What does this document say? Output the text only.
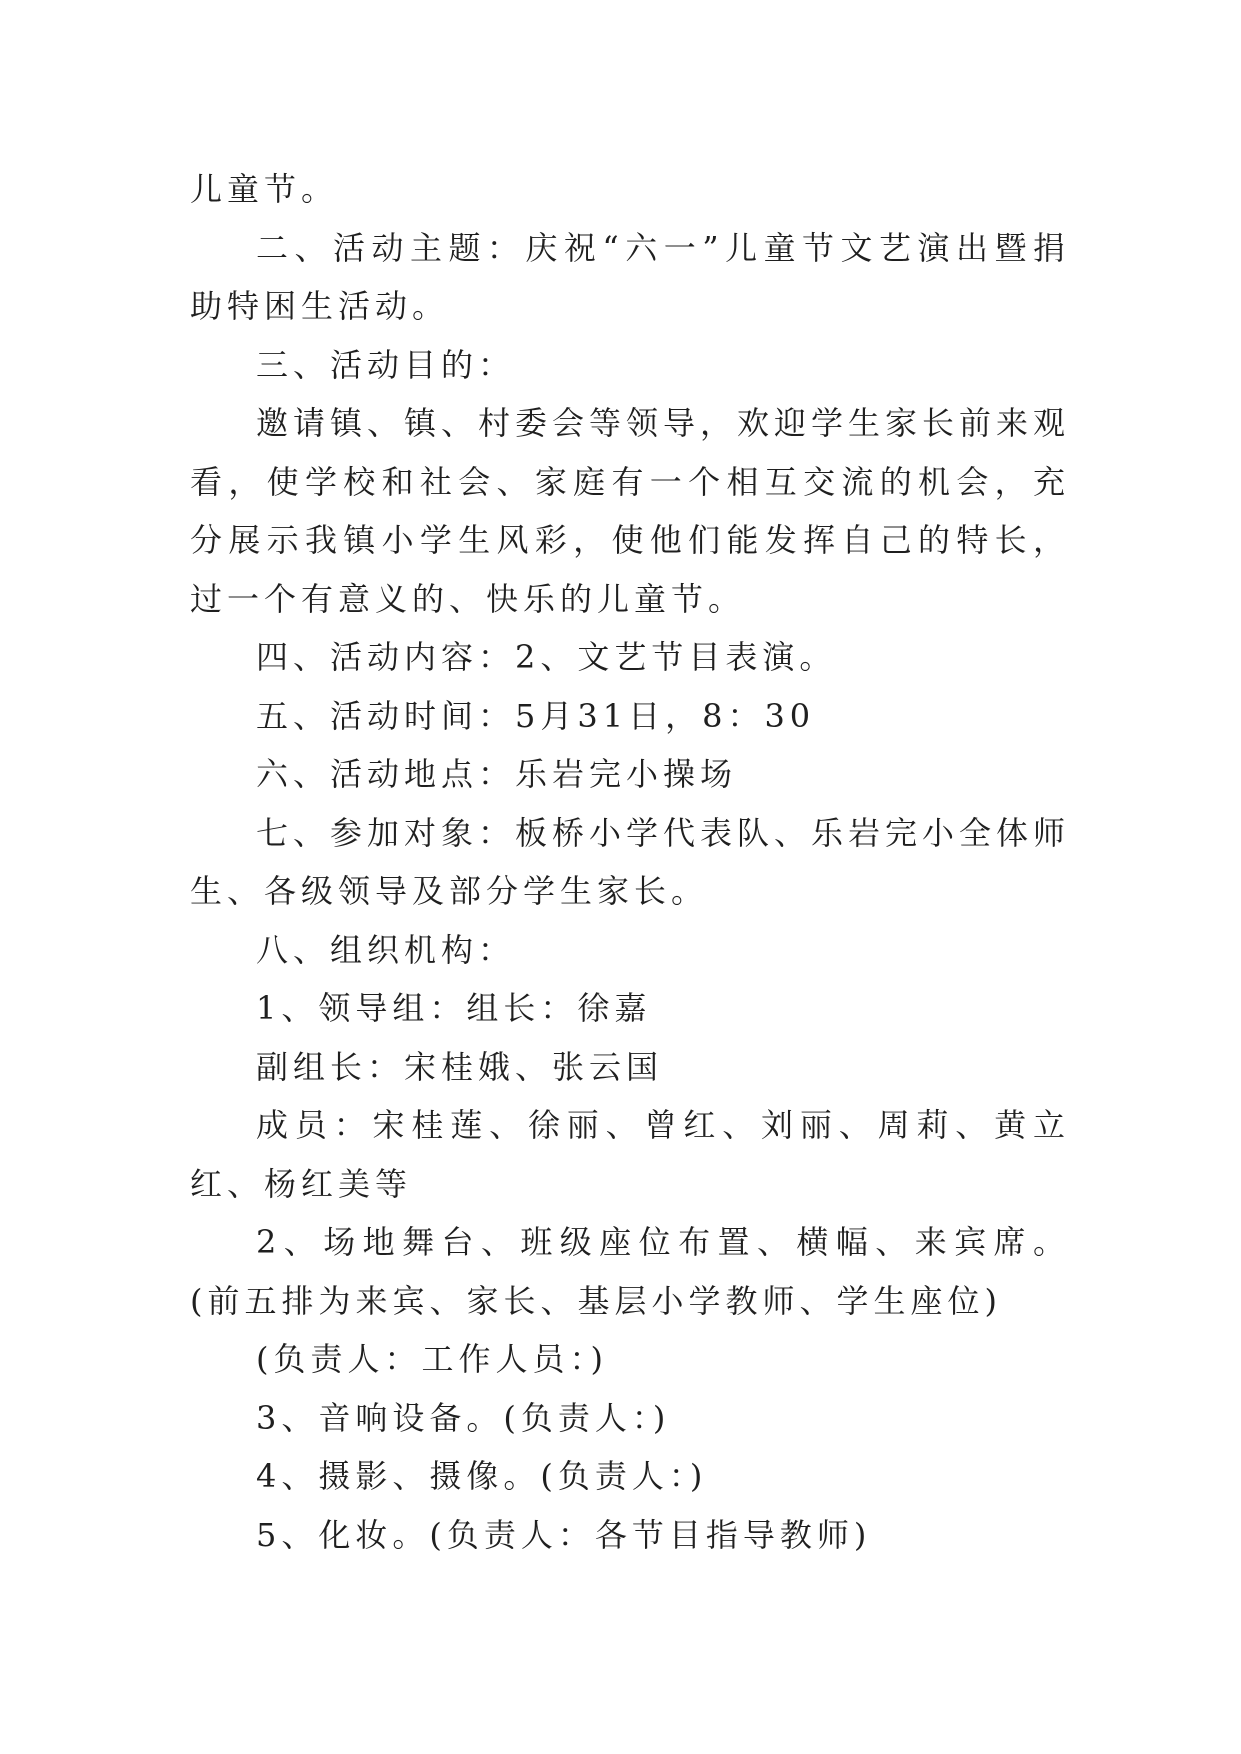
儿童节。

二、活动主题：庆祝“六一”儿童节文艺演出暨捐助特困生活动。

三、活动目的：

邀请镇、镇、村委会等领导，欢迎学生家长前来观看，使学校和社会、家庭有一个相互交流的机会，充分展示我镇小学生风彩，使他们能发挥自己的特长，过一个有意义的、快乐的儿童节。

四、活动内容：2、文艺节目表演。

五、活动时间：5月31日，8：30

六、活动地点：乐岩完小操场

七、参加对象：板桥小学代表队、乐岩完小全体师生、各级领导及部分学生家长。

八、组织机构：

1、领导组：组长：徐嘉

副组长：宋桂娥、张云国

成员：宋桂莲、徐丽、曾红、刘丽、周莉、黄立红、杨红美等

2、场地舞台、班级座位布置、横幅、来宾席。(前五排为来宾、家长、基层小学教师、学生座位)

(负责人：工作人员：)

3、音响设备。(负责人：)

4、摄影、摄像。(负责人：)

5、化妆。(负责人：各节目指导教师)
